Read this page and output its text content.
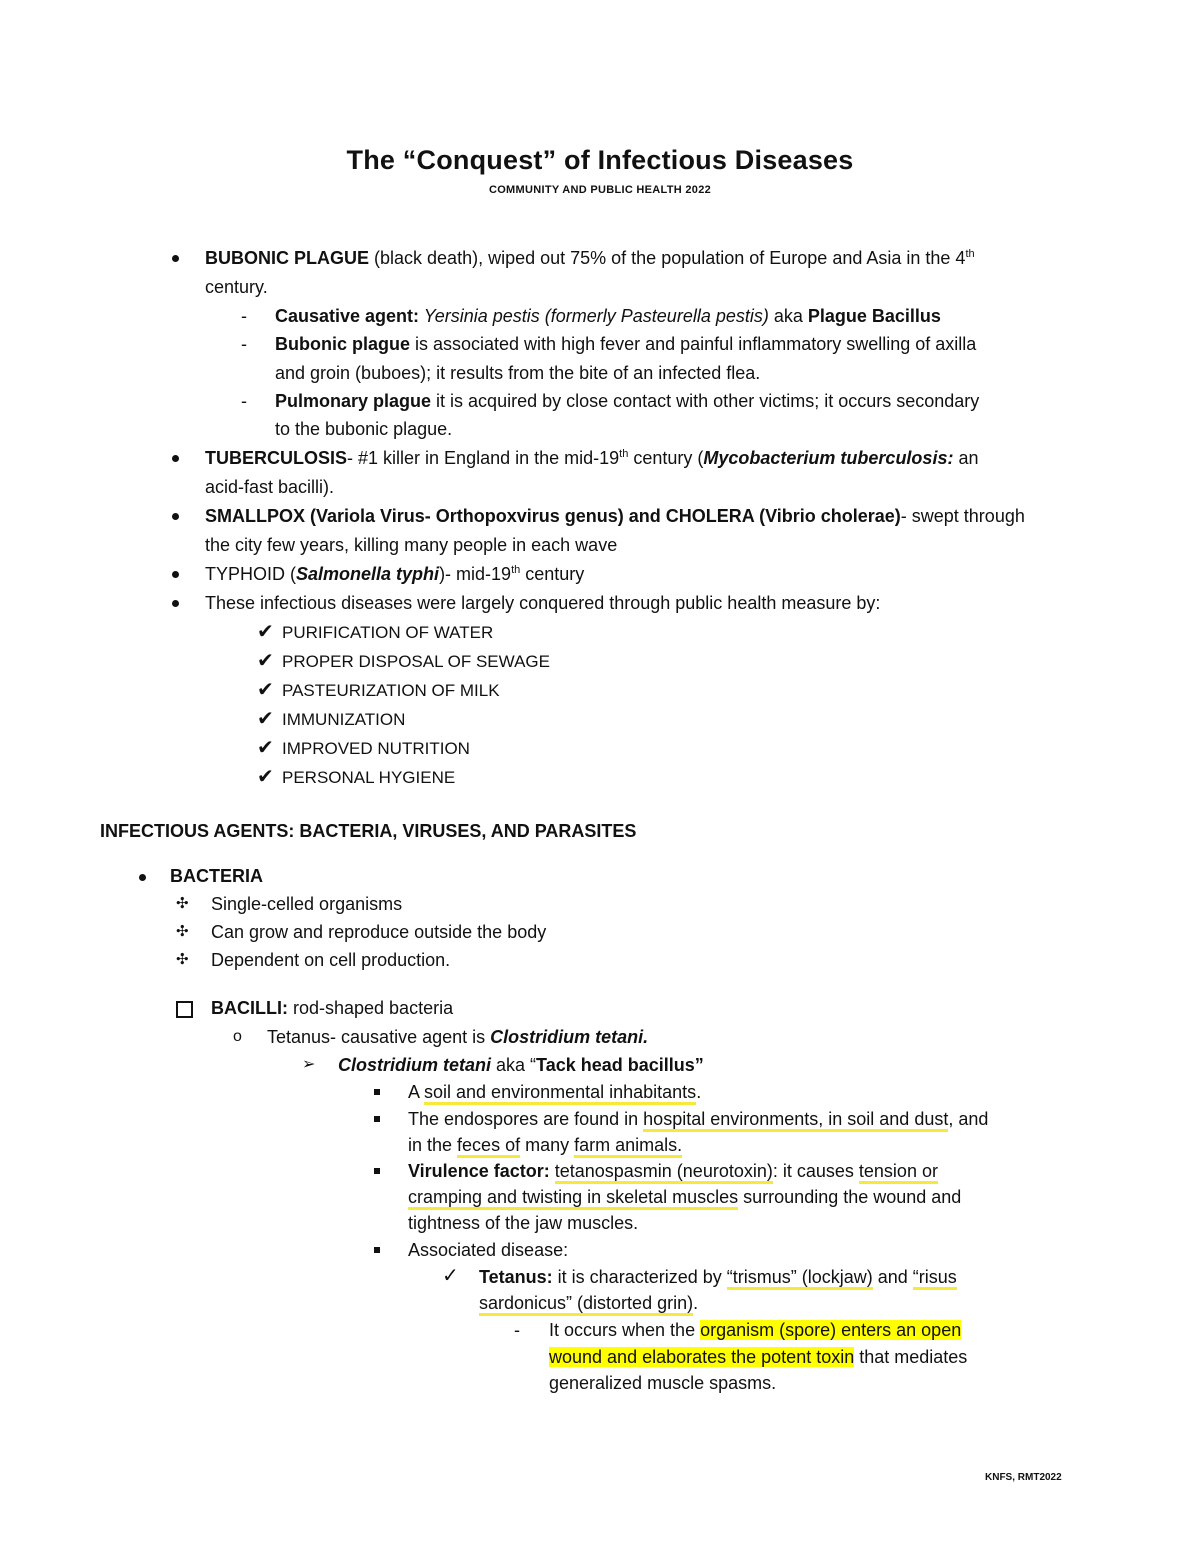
The “Conquest” of Infectious Diseases
COMMUNITY AND PUBLIC HEALTH 2022
BUBONIC PLAGUE (black death), wiped out 75% of the population of Europe and Asia in the 4th
century.
- Causative agent: Yersinia pestis (formerly Pasteurella pestis) aka Plague Bacillus
- Bubonic plague is associated with high fever and painful inflammatory swelling of axilla
and groin (buboes); it results from the bite of an infected flea.
- Pulmonary plague it is acquired by close contact with other victims; it occurs secondary
to the bubonic plague.
TUBERCULOSIS- #1 killer in England in the mid-19th century (Mycobacterium tuberculosis: an
acid-fast bacilli).
SMALLPOX (Variola Virus- Orthopoxvirus genus) and CHOLERA (Vibrio cholerae)- swept through
the city few years, killing many people in each wave
TYPHOID (Salmonella typhi)- mid-19th century
These infectious diseases were largely conquered through public health measure by:
✔ PURIFICATION OF WATER
✔ PROPER DISPOSAL OF SEWAGE
✔ PASTEURIZATION OF MILK
✔ IMMUNIZATION
✔ IMPROVED NUTRITION
✔ PERSONAL HYGIENE
INFECTIOUS AGENTS: BACTERIA, VIRUSES, AND PARASITES
BACTERIA
✣ Single-celled organisms
✣ Can grow and reproduce outside the body
✣ Dependent on cell production.
BACILLI: rod-shaped bacteria
o Tetanus- causative agent is Clostridium tetani.
➢ Clostridium tetani aka “Tack head bacillus”
A soil and environmental inhabitants.
The endospores are found in hospital environments, in soil and dust, and
in the feces of many farm animals.
Virulence factor: tetanospasmin (neurotoxin): it causes tension or
cramping and twisting in skeletal muscles surrounding the wound and
tightness of the jaw muscles.
Associated disease:
✓ Tetanus: it is characterized by “trismus” (lockjaw) and “risus
sardonicus” (distorted grin).
- It occurs when the organism (spore) enters an open
wound and elaborates the potent toxin that mediates
generalized muscle spasms.
KNFS, RMT2022
